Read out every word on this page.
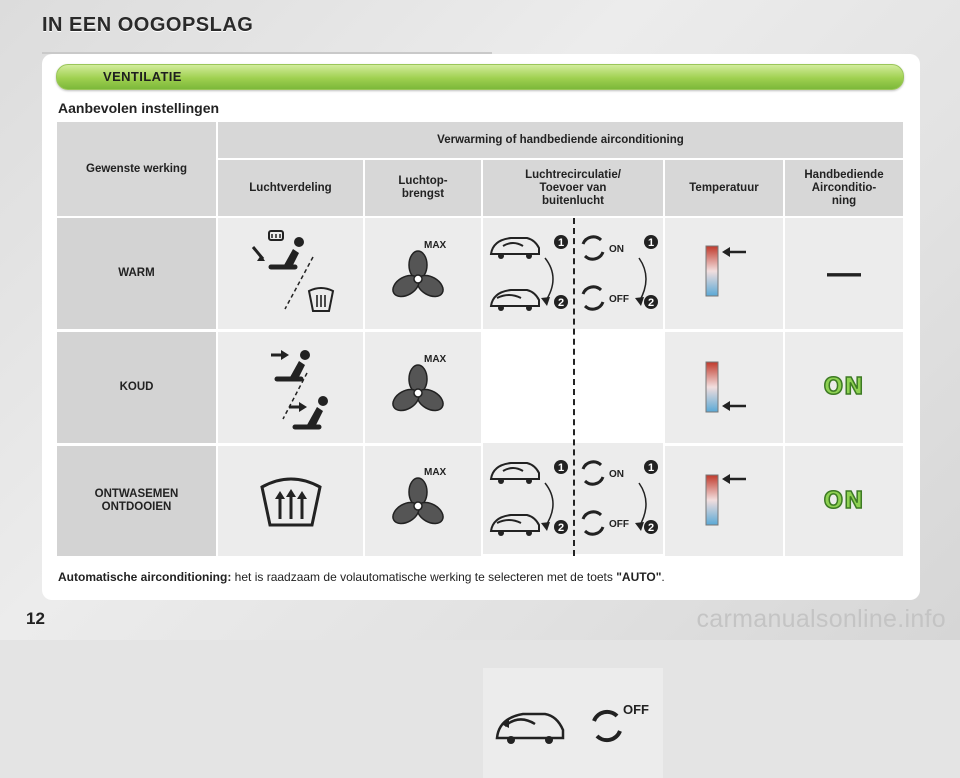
IN EEN OOGOPSLAG
VENTILATIE
Aanbevolen instellingen
Gewenste werking
Verwarming of handbediende airconditioning
Luchtverdeling
Luchtop-
brengst
Luchtrecirculatie/
Toevoer van
buitenlucht
Temperatuur
Handbediende
Airconditio-
ning
WARM
MAX	1
2
ON
OFF
1
2
—
KOUD
MAX
1
2
ON
OFF
1
2
ON
ONTWASEMEN
ONTDOOIEN
MAX
OFF
ON
Automatische airconditioning: het is raadzaam de volautomatische werking te selecteren met de toets "AUTO".
12	carmanualsonline.info
